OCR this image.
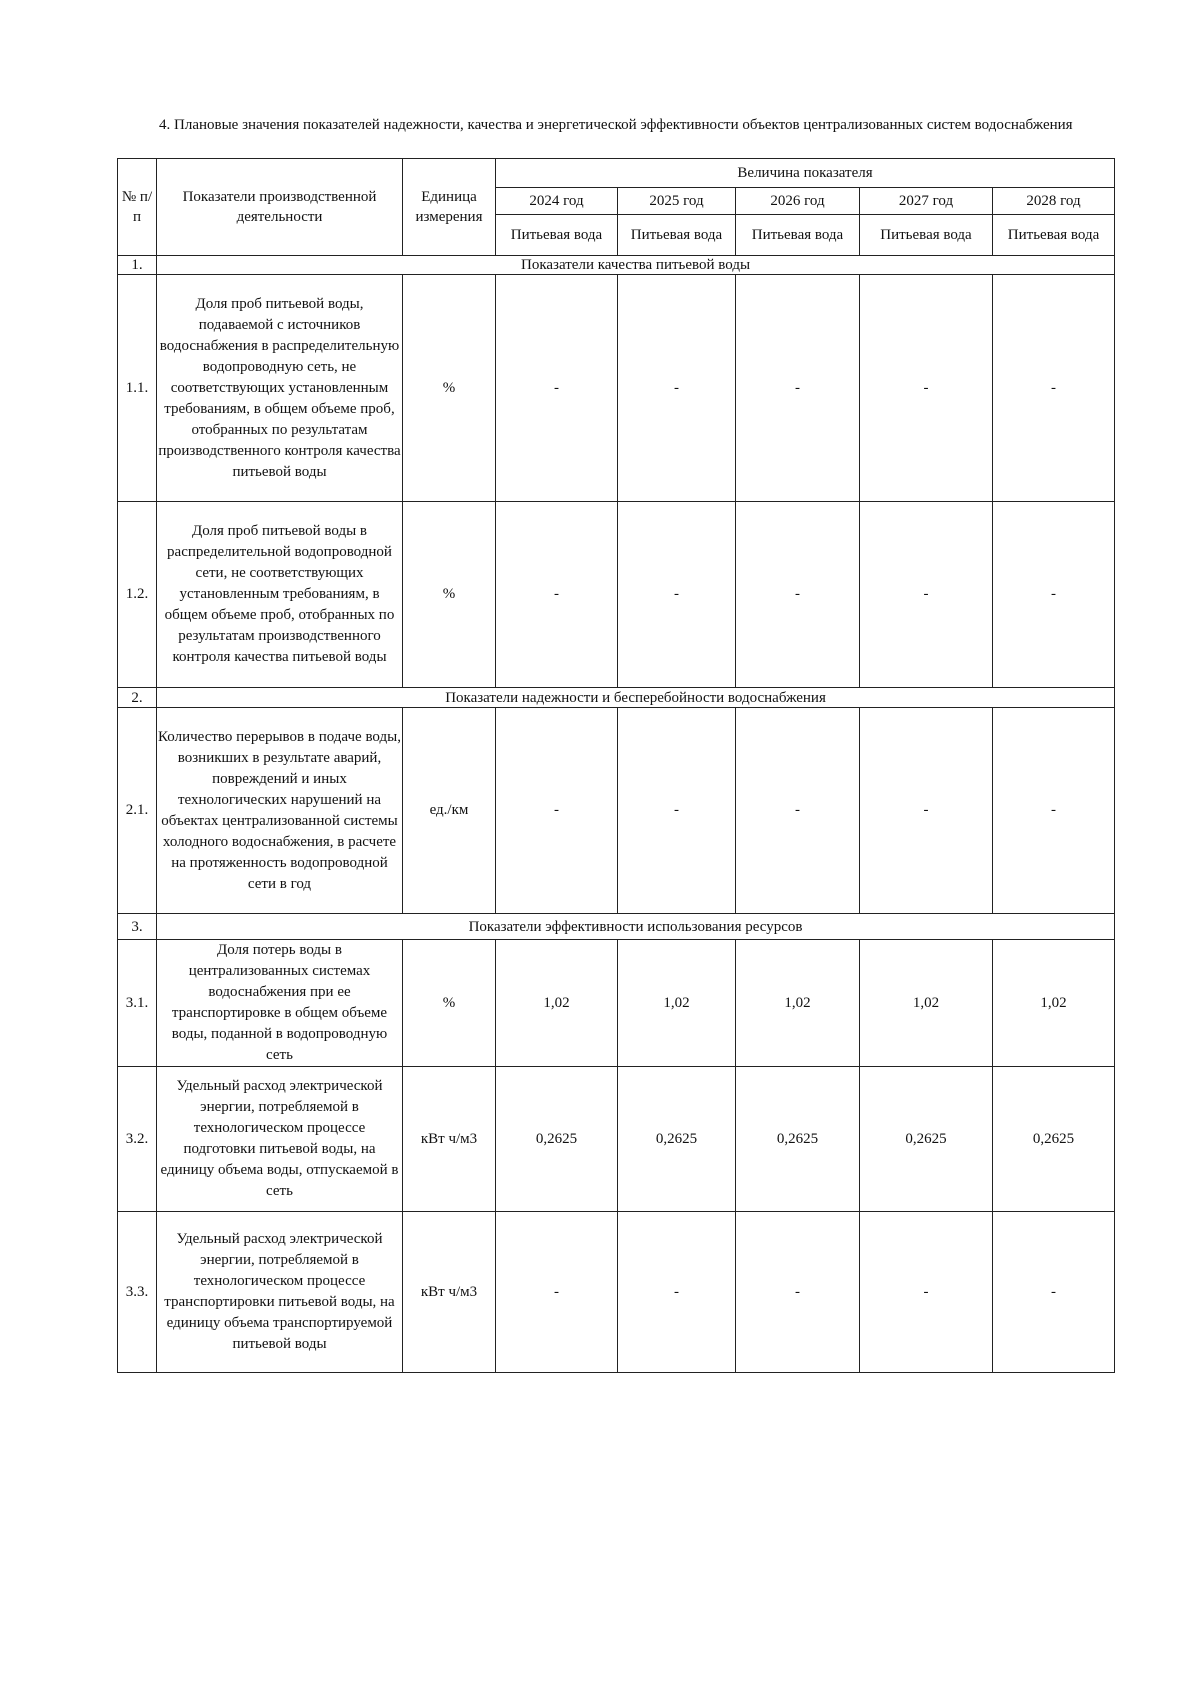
4. Плановые значения показателей надежности, качества и энергетической эффективности объектов централизованных систем водоснабжения
№ п/п	Показатели производственной деятельности	Единица измерения	Величина показателя				
			2024 год	2025 год	2026 год	2027 год	2028 год
			Питьевая вода	Питьевая вода	Питьевая вода	Питьевая вода	Питьевая вода
1.	Показатели качества питьевой воды						
1.1.	Доля проб питьевой воды, подаваемой с источников водоснабжения в распределительную водопроводную сеть, не соответствующих установленным требованиям, в общем объеме проб, отобранных по результатам производственного контроля качества питьевой воды	%	-	-	-	-	-
1.2.	Доля проб питьевой воды в распределительной водопроводной сети, не соответствующих установленным требованиям, в общем объеме проб, отобранных по результатам производственного контроля качества питьевой воды	%	-	-	-	-	-
2.	Показатели надежности и бесперебойности водоснабжения						
2.1.	Количество перерывов в подаче воды, возникших в результате аварий, повреждений и иных технологических нарушений на объектах централизованной системы холодного водоснабжения, в расчете на протяженность водопроводной сети в год	ед./км	-	-	-	-	-
3.	Показатели эффективности использования ресурсов						
3.1.	Доля потерь воды в централизованных системах водоснабжения при ее транспортировке в общем объеме воды, поданной в водопроводную сеть	%	1,02	1,02	1,02	1,02	1,02
3.2.	Удельный расход электрической энергии, потребляемой в технологическом процессе подготовки питьевой воды, на единицу объема воды, отпускаемой в сеть	кВт ч/м3	0,2625	0,2625	0,2625	0,2625	0,2625
3.3.	Удельный расход электрической энергии, потребляемой в технологическом процессе транспортировки питьевой воды, на единицу объема транспортируемой питьевой воды	кВт ч/м3	-	-	-	-	-
